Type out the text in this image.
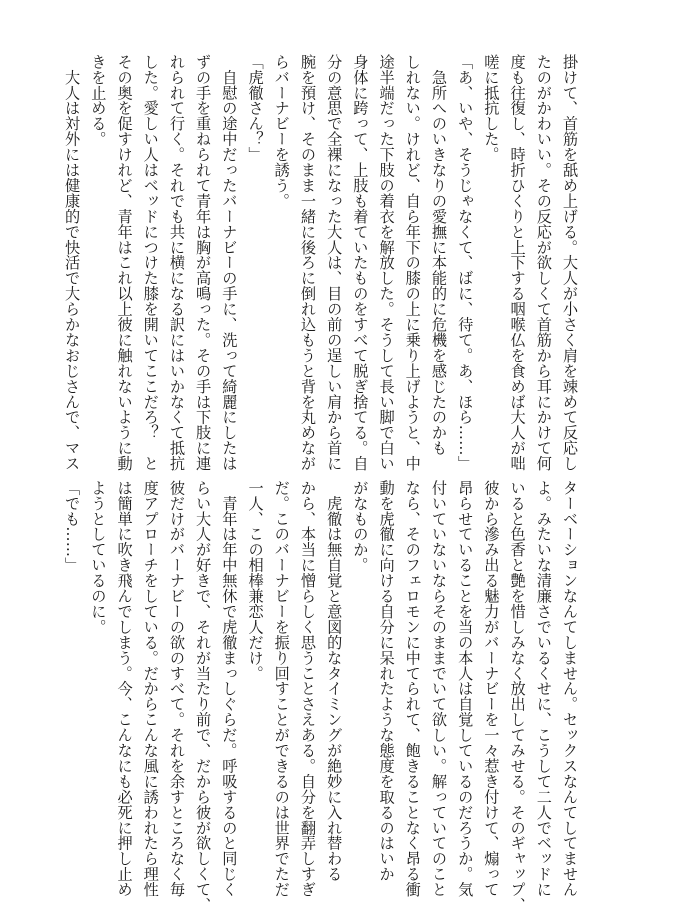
掛けて、首筋を舐め上げる。大人が小さく肩を竦めて反応し
たのがかわいい。その反応が欲しくて首筋から耳にかけて何
度も往復し、時折ひくりと上下する咽喉仏を食めば大人が咄
嗟に抵抗した。
「あ、いや、そうじゃなくて、ばに、待て。あ、ほら……」
　急所へのいきなりの愛撫に本能的に危機を感じたのかも
しれない。けれど、自ら年下の膝の上に乗り上げようと、中
途半端だった下肢の着衣を解放した。そうして長い脚で白い
身体に跨って、上肢も着ていたものをすべて脱ぎ捨てる。自
分の意思で全裸になった大人は、目の前の逞しい肩から首に
腕を預け、そのまま一緒に後ろに倒れ込もうと背を丸めなが
らバーナビーを誘う。
「虎徹さん？」
　自慰の途中だったバーナビーの手に、洗って綺麗にしたは
ずの手を重ねられて青年は胸が高鳴った。その手は下肢に連
れられて行く。それでも共に横になる訳にはいかなくて抵抗
した。愛しい人はベッドにつけた膝を開いてここだろ？　と
その奥を促すけれど、青年はこれ以上彼に触れないように動
きを止める。
　大人は対外には健康的で快活で大らかなおじさんで、マス
ターベーションなんてしません。セックスなんてしてません
よ。みたいな清廉さでいるくせに、こうして二人でベッドに
いると色香と艶を惜しみなく放出してみせる。そのギャップ、
彼から滲み出る魅力がバーナビーを一々惹き付けて、煽って
昂らせていることを当の本人は自覚しているのだろうか。気
付いていないならそのままでいて欲しい。解っていてのこと
なら、そのフェロモンに中てられて、飽きることなく昂る衝
動を虎徹に向ける自分に呆れたような態度を取るのはいか
がなものか。
　虎徹は無自覚と意図的なタイミングが絶妙に入れ替わる
から、本当に憎らしく思うことさえある。自分を翻弄しすぎ
だ。このバーナビーを振り回すことができるのは世界でただ
一人、この相棒兼恋人だけ。
　青年は年中無休で虎徹まっしぐらだ。呼吸するのと同じく
らい大人が好きで、それが当たり前で、だから彼が欲しくて、
彼だけがバーナビーの欲のすべて。それを余すところなく毎
度アプローチをしている。だからこんな風に誘われたら理性
は簡単に吹き飛んでしまう。今、こんなにも必死に押し止め
ようとしているのに。
「でも……」
